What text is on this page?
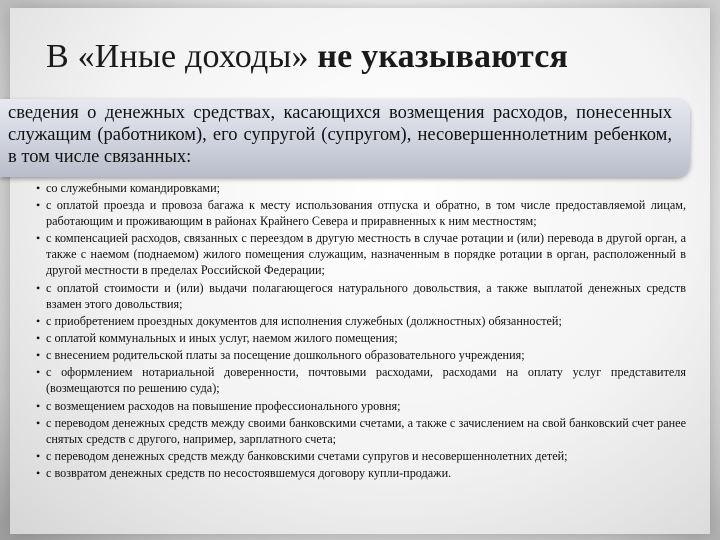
В «Иные доходы» не указываются
сведения о денежных средствах, касающихся возмещения расходов, понесенных служащим (работником), его супругой (супругом), несовершеннолетним ребенком, в том числе связанных:
• со служебными командировками;
• с оплатой проезда и провоза багажа к месту использования отпуска и обратно, в том числе предоставляемой лицам, работающим и проживающим в районах Крайнего Севера и приравненных к ним местностям;
• с компенсацией расходов, связанных с переездом в другую местность в случае ротации и (или) перевода в другой орган, а также с наемом (поднаемом) жилого помещения служащим, назначенным в порядке ротации в орган, расположенный в другой местности в пределах Российской Федерации;
• с оплатой стоимости и (или) выдачи полагающегося натурального довольствия, а также выплатой денежных средств взамен этого довольствия;
• с приобретением проездных документов для исполнения служебных (должностных) обязанностей;
• с оплатой коммунальных и иных услуг, наемом жилого помещения;
• с внесением родительской платы за посещение дошкольного образовательного учреждения;
• с оформлением нотариальной доверенности, почтовыми расходами, расходами на оплату услуг представителя (возмещаются по решению суда);
• с возмещением расходов на повышение профессионального уровня;
• с переводом денежных средств между своими банковскими счетами, а также с зачислением на свой банковский счет ранее снятых средств с другого, например, зарплатного счета;
• с переводом денежных средств между банковскими счетами супругов и несовершеннолетних детей;
• с возвратом денежных средств по несостоявшемуся договору купли-продажи.
